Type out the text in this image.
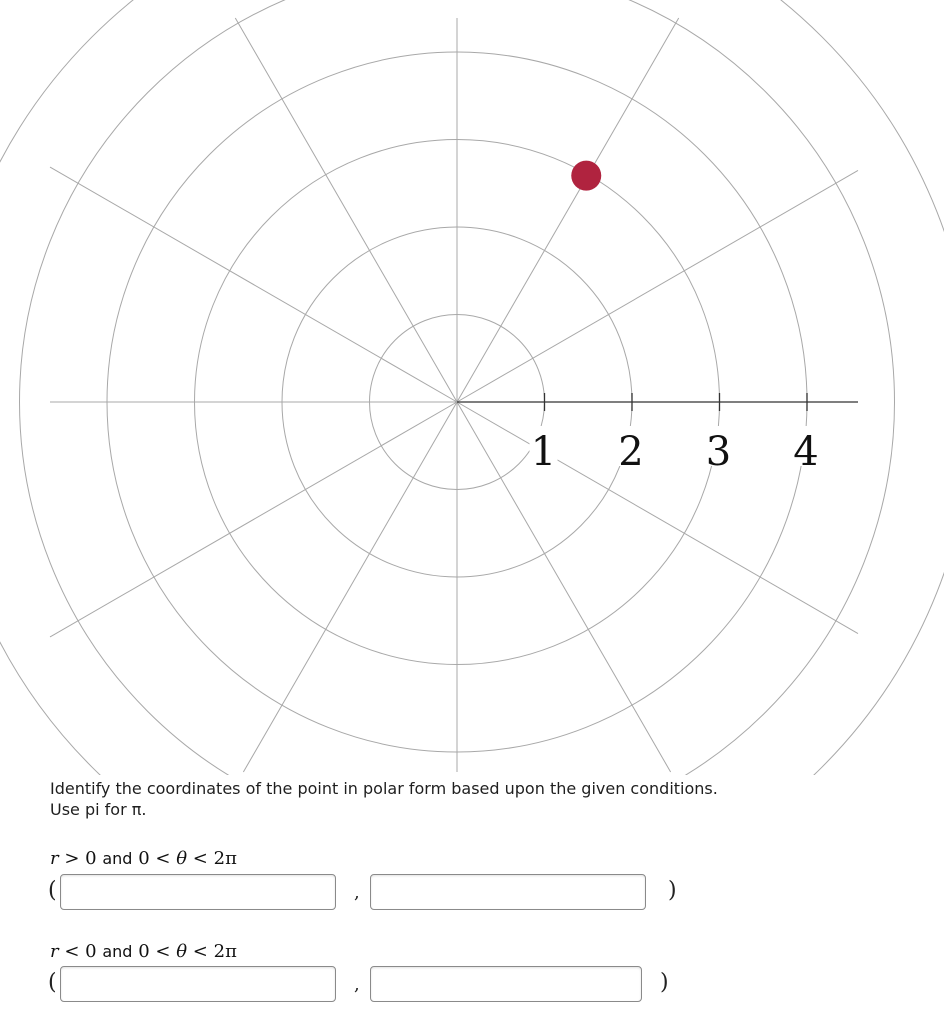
1 2 3 4

Identify the coordinates of the point in polar form based upon the given conditions.

Use pi for π.

r > 0 and 0 < θ < 2π
(	,	)
r < 0 and 0 < θ < 2π
(	,	)
